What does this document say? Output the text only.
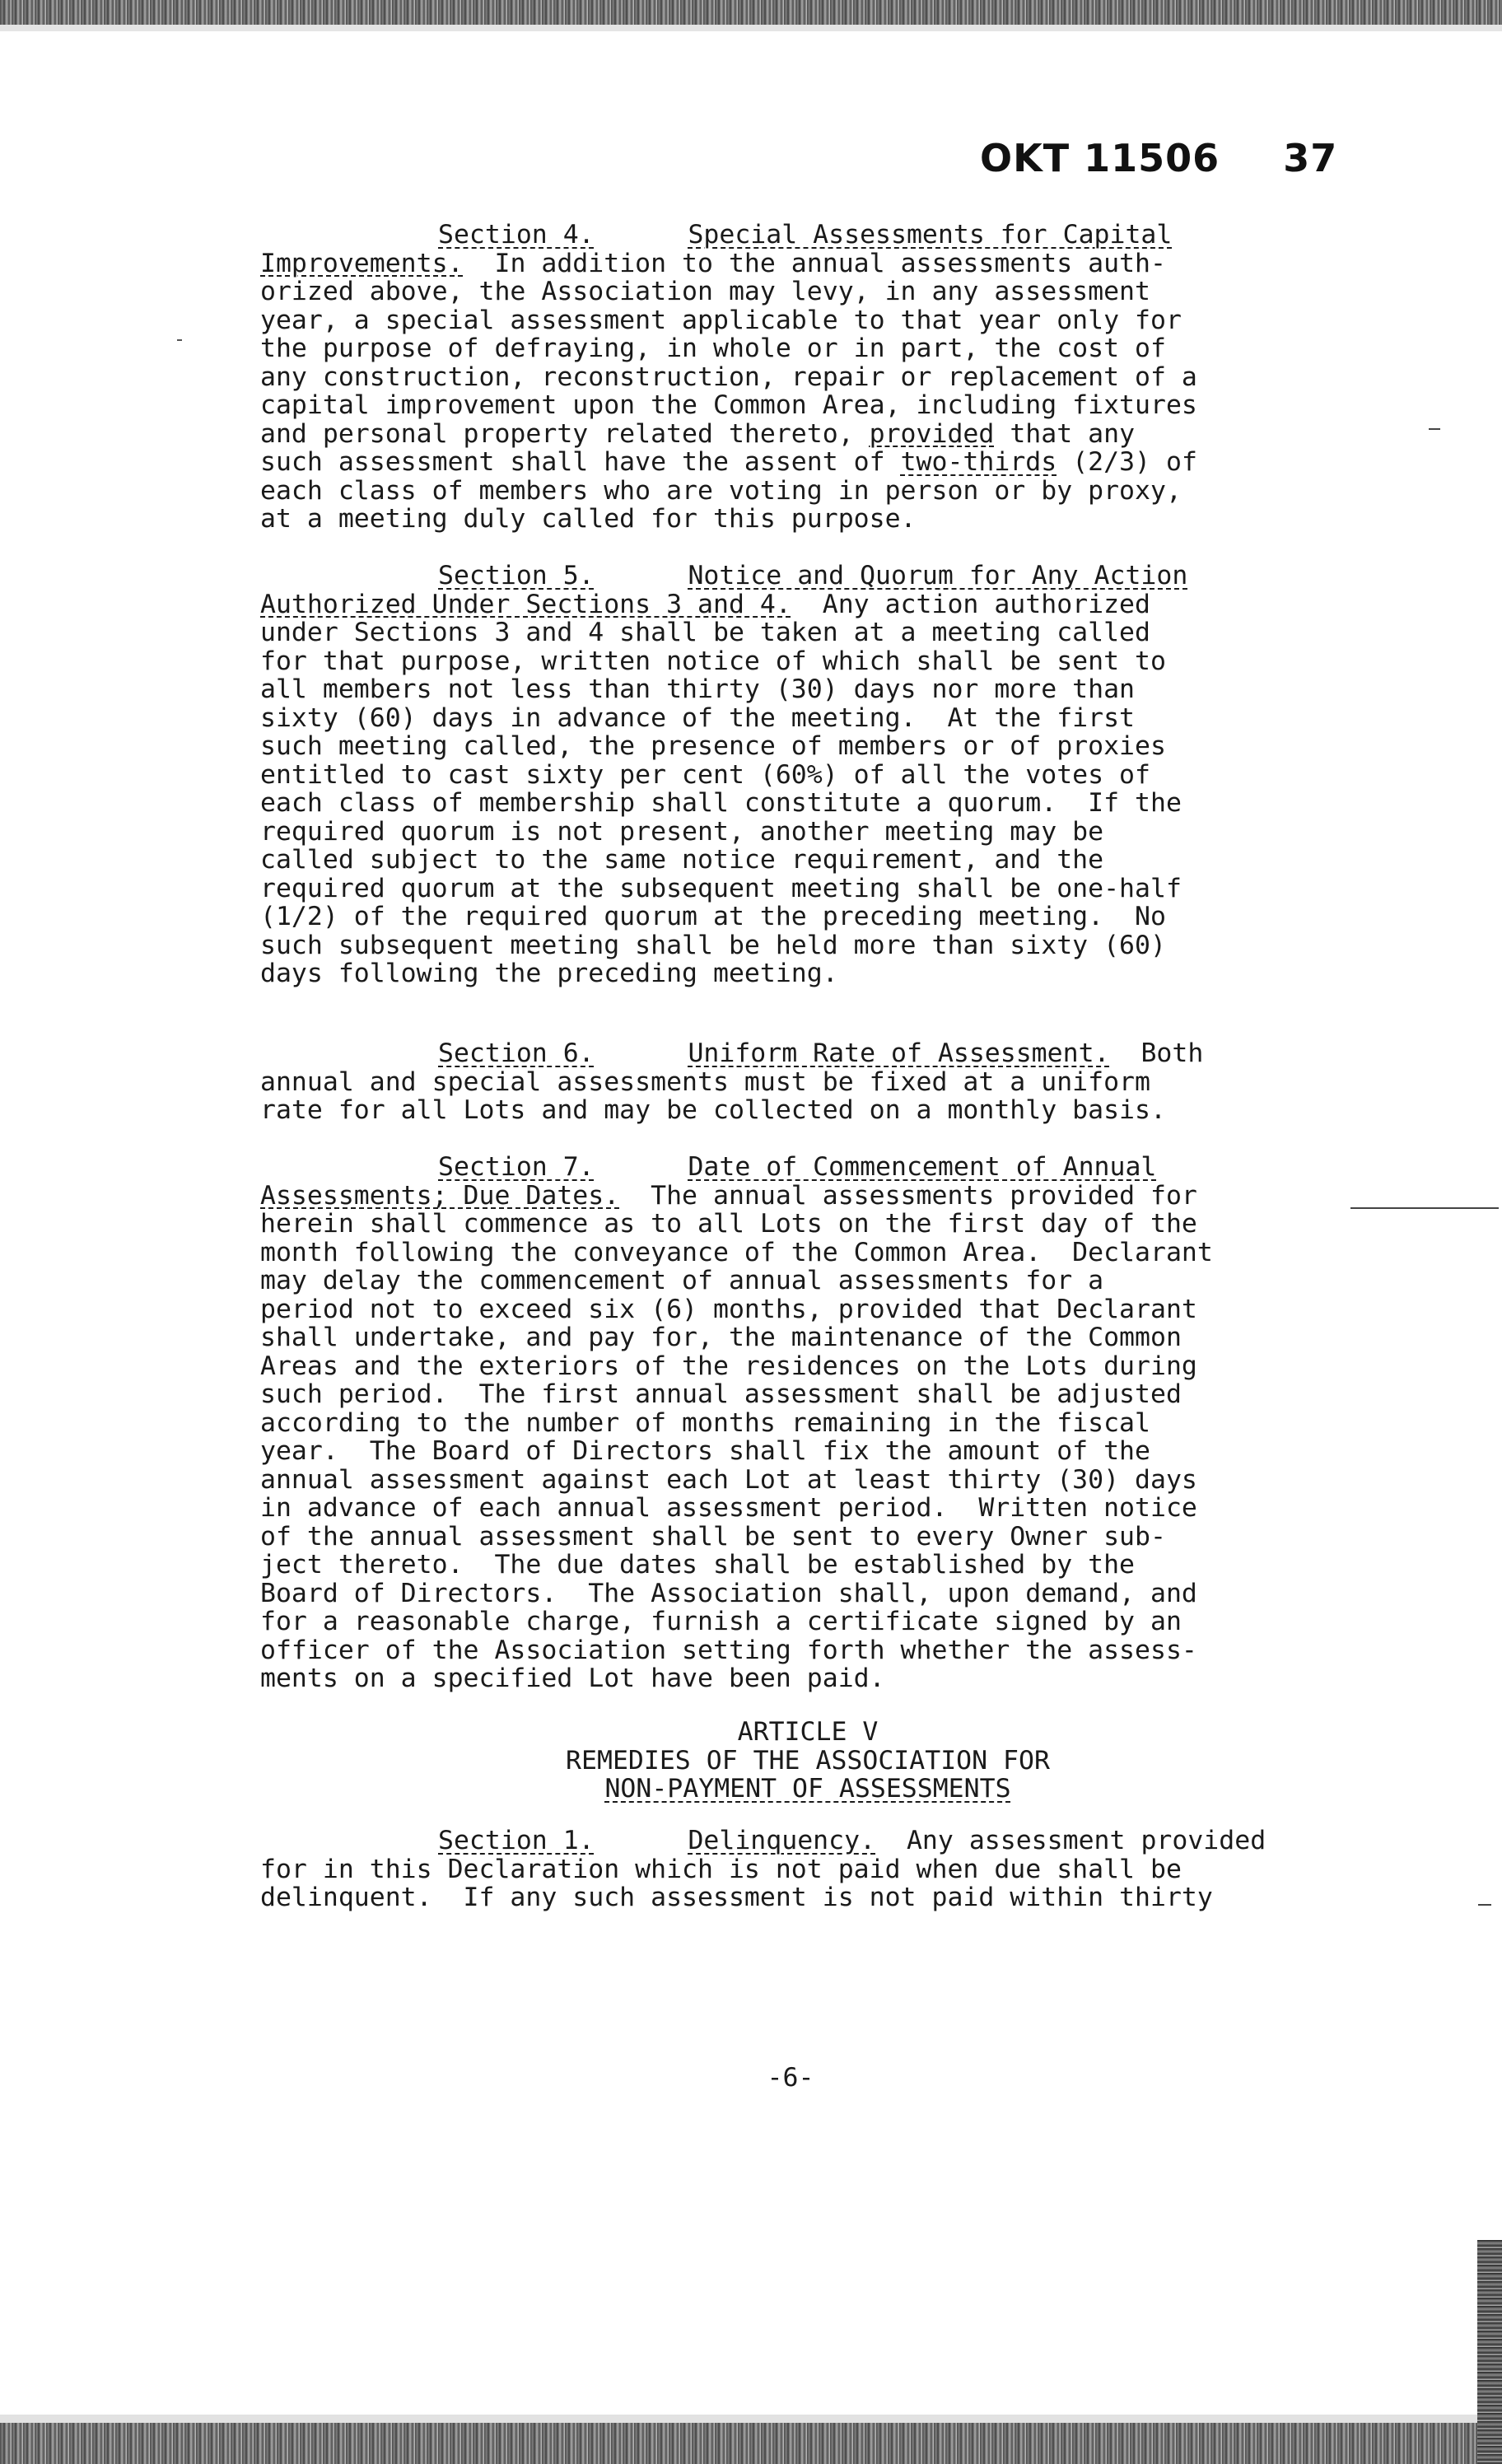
OKT 11506 37
Section 4.	Special Assessments for Capital
Improvements. In addition to the annual assessments auth-
orized above, the Association may levy, in any assessment
year, a special assessment applicable to that year only for
the purpose of defraying, in whole or in part, the cost of
any construction, reconstruction, repair or replacement of a
capital improvement upon the Common Area, including fixtures
and personal property related thereto, provided that any
such assessment shall have the assent of two-thirds (2/3) of
each class of members who are voting in person or by proxy,
at a meeting duly called for this purpose.
Section 5.	Notice and Quorum for Any Action
Authorized Under Sections 3 and 4. Any action authorized
under Sections 3 and 4 shall be taken at a meeting called
for that purpose, written notice of which shall be sent to
all members not less than thirty (30) days nor more than
sixty (60) days in advance of the meeting.  At the first
such meeting called, the presence of members or of proxies
entitled to cast sixty per cent (60%) of all the votes of
each class of membership shall constitute a quorum.  If the
required quorum is not present, another meeting may be
called subject to the same notice requirement, and the
required quorum at the subsequent meeting shall be one-half
(1/2) of the required quorum at the preceding meeting.  No
such subsequent meeting shall be held more than sixty (60)
days following the preceding meeting.
Section 6.	Uniform Rate of Assessment. Both
annual and special assessments must be fixed at a uniform
rate for all Lots and may be collected on a monthly basis.
Section 7.	Date of Commencement of Annual
Assessments; Due Dates. The annual assessments provided for
herein shall commence as to all Lots on the first day of the
month following the conveyance of the Common Area.  Declarant
may delay the commencement of annual assessments for a
period not to exceed six (6) months, provided that Declarant
shall undertake, and pay for, the maintenance of the Common
Areas and the exteriors of the residences on the Lots during
such period.  The first annual assessment shall be adjusted
according to the number of months remaining in the fiscal
year.  The Board of Directors shall fix the amount of the
annual assessment against each Lot at least thirty (30) days
in advance of each annual assessment period.  Written notice
of the annual assessment shall be sent to every Owner sub-
ject thereto.  The due dates shall be established by the
Board of Directors.  The Association shall, upon demand, and
for a reasonable charge, furnish a certificate signed by an
officer of the Association setting forth whether the assess-
ments on a specified Lot have been paid.
ARTICLE V
REMEDIES OF THE ASSOCIATION FOR
NON-PAYMENT OF ASSESSMENTS
Section 1.	Delinquency. Any assessment provided
for in this Declaration which is not paid when due shall be
delinquent.  If any such assessment is not paid within thirty
-6-
